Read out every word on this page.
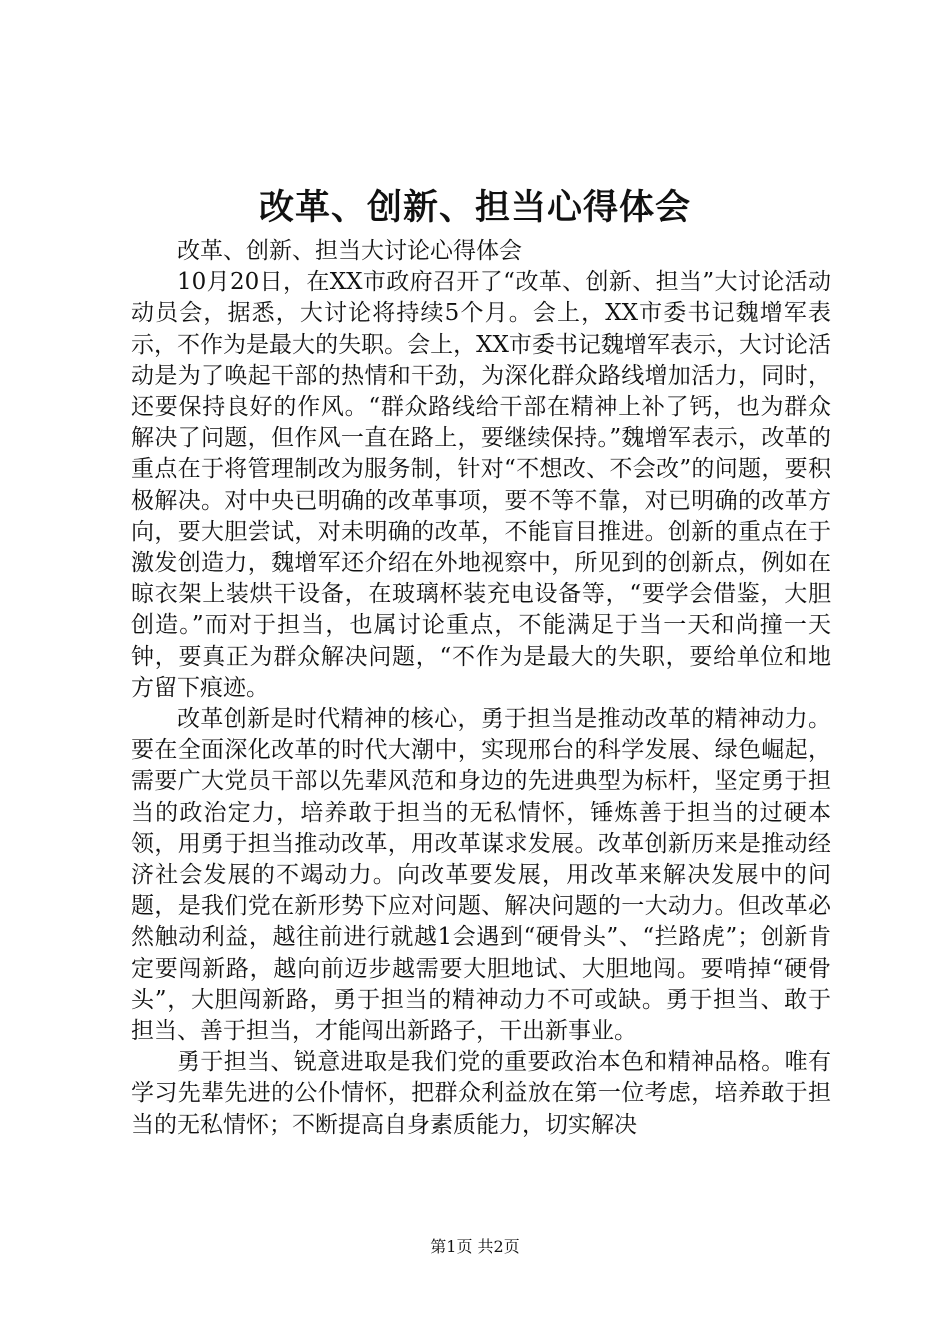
改革、创新、担当心得体会

改革、创新、担当大讨论心得体会

10月20日，在XX市政府召开了“改革、创新、担当”大讨论活动动员会，据悉，大讨论将持续5个月。会上，XX市委书记魏增军表示，不作为是最大的失职。会上，XX市委书记魏增军表示，大讨论活动是为了唤起干部的热情和干劲，为深化群众路线增加活力，同时，还要保持良好的作风。“群众路线给干部在精神上补了钙，也为群众解决了问题，但作风一直在路上，要继续保持。”魏增军表示，改革的重点在于将管理制改为服务制，针对“不想改、不会改”的问题，要积极解决。对中央已明确的改革事项，要不等不靠，对已明确的改革方向，要大胆尝试，对未明确的改革，不能盲目推进。创新的重点在于激发创造力，魏增军还介绍在外地视察中，所见到的创新点，例如在晾衣架上装烘干设备，在玻璃杯装充电设备等，“要学会借鉴，大胆创造。”而对于担当，也属讨论重点，不能满足于当一天和尚撞一天钟，要真正为群众解决问题，“不作为是最大的失职，要给单位和地方留下痕迹。

改革创新是时代精神的核心，勇于担当是推动改革的精神动力。要在全面深化改革的时代大潮中，实现邢台的科学发展、绿色崛起，需要广大党员干部以先辈风范和身边的先进典型为标杆，坚定勇于担当的政治定力，培养敢于担当的无私情怀，锤炼善于担当的过硬本领，用勇于担当推动改革，用改革谋求发展。改革创新历来是推动经济社会发展的不竭动力。向改革要发展，用改革来解决发展中的问题，是我们党在新形势下应对问题、解决问题的一大动力。但改革必然触动利益，越往前进行就越1会遇到“硬骨头”、“拦路虎”；创新肯定要闯新路，越向前迈步越需要大胆地试、大胆地闯。要啃掉“硬骨头”，大胆闯新路，勇于担当的精神动力不可或缺。勇于担当、敢于担当、善于担当，才能闯出新路子，干出新事业。

勇于担当、锐意进取是我们党的重要政治本色和精神品格。唯有学习先辈先进的公仆情怀，把群众利益放在第一位考虑，培养敢于担当的无私情怀；不断提高自身素质能力，切实解决

第1页 共2页
